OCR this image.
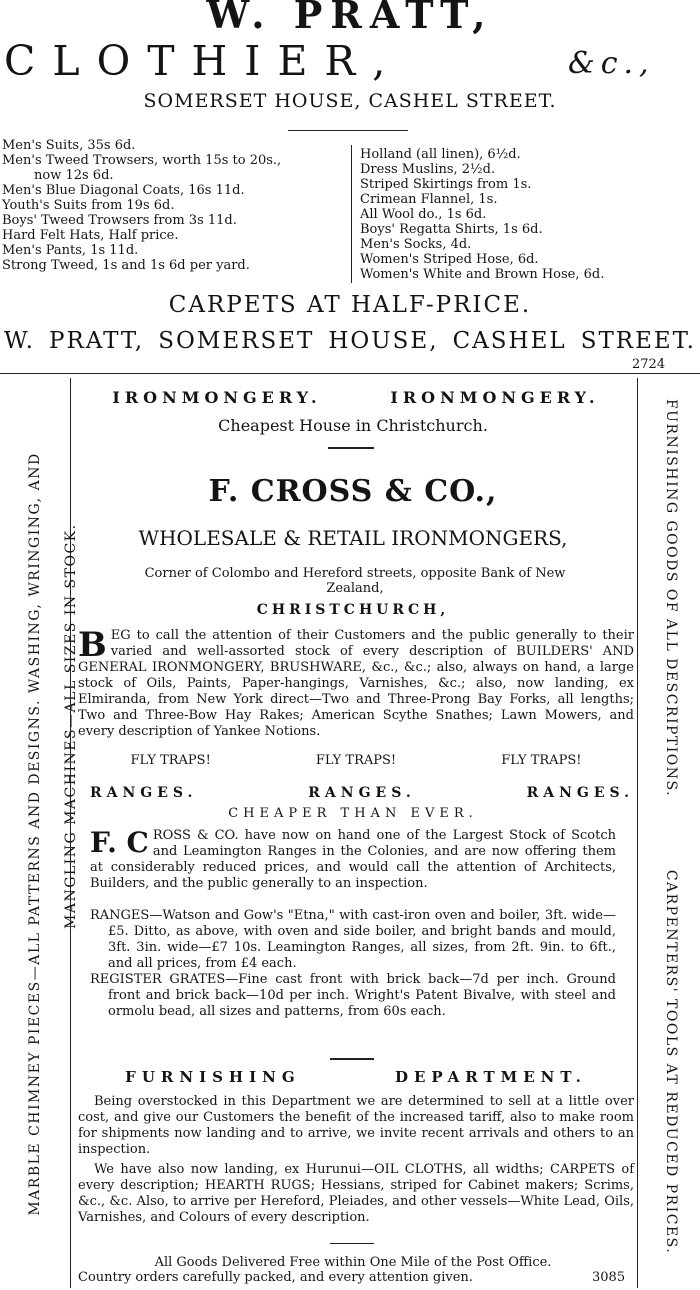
W. PRATT,
CLOTHIER,	&c.,
SOMERSET HOUSE, CASHEL STREET.
Men's Suits, 35s 6d.
Men's Tweed Trowsers, worth 15s to 20s.,
now 12s 6d.
Men's Blue Diagonal Coats, 16s 11d.
Youth's Suits from 19s 6d.
Boys' Tweed Trowsers from 3s 11d.
Hard Felt Hats, Half price.
Men's Pants, 1s 11d.
Strong Tweed, 1s and 1s 6d per yard.
Holland (all linen), 6½d.
Dress Muslins, 2½d.
Striped Skirtings from 1s.
Crimean Flannel, 1s.
All Wool do., 1s 6d.
Boys' Regatta Shirts, 1s 6d.
Men's Socks, 4d.
Women's Striped Hose, 6d.
Women's White and Brown Hose, 6d.
CARPETS AT HALF-PRICE.
W. PRATT, SOMERSET HOUSE, CASHEL STREET.
2724
MARBLE CHIMNEY PIECES—ALL PATTERNS AND DESIGNS. WASHING, WRINGING, AND MANGLING MACHINES—ALL SIZES IN STOCK.	FURNISHING GOODS OF ALL DESCRIPTIONS.
CARPENTERS' TOOLS AT REDUCED PRICES.
IRONMONGERY.	IRONMONGERY.
Cheapest House in Christchurch.
F. CROSS & CO.,
WHOLESALE & RETAIL IRONMONGERS,
Corner of Colombo and Hereford streets, opposite Bank of New Zealand,
CHRISTCHURCH,
BEG to call the attention of their Customers and the public generally to their varied and well-assorted stock of every description of BUILDERS' AND GENERAL IRONMONGERY, BRUSHWARE, &c., &c.; also, always on hand, a large stock of Oils, Paints, Paper-hangings, Varnishes, &c.; also, now landing, ex Elmiranda, from New York direct—Two and Three-Prong Bay Forks, all lengths; Two and Three-Bow Hay Rakes; American Scythe Snathes; Lawn Mowers, and every description of Yankee Notions.
FLY TRAPS!	FLY TRAPS!	FLY TRAPS!
RANGES.	RANGES.	RANGES.
CHEAPER THAN EVER.
F. C ROSS & CO. have now on hand one of the Largest Stock of Scotch and Leamington Ranges in the Colonies, and are now offering them at considerably reduced prices, and would call the attention of Architects, Builders, and the public generally to an inspection.
RANGES—Watson and Gow's "Etna," with cast-iron oven and boiler, 3ft. wide—£5. Ditto, as above, with oven and side boiler, and bright bands and mould, 3ft. 3in. wide—£7 10s. Leamington Ranges, all sizes, from 2ft. 9in. to 6ft., and all prices, from £4 each.
REGISTER GRATES—Fine cast front with brick back—7d per inch. Ground front and brick back—10d per inch. Wright's Patent Bivalve, with steel and ormolu bead, all sizes and patterns, from 60s each.
FURNISHING	DEPARTMENT.
Being overstocked in this Department we are determined to sell at a little over cost, and give our Customers the benefit of the increased tariff, also to make room for shipments now landing and to arrive, we invite recent arrivals and others to an inspection.
We have also now landing, ex Hurunui—OIL CLOTHS, all widths; CARPETS of every description; HEARTH RUGS; Hessians, striped for Cabinet makers; Scrims, &c., &c. Also, to arrive per Hereford, Pleiades, and other vessels—White Lead, Oils, Varnishes, and Colours of every description.
All Goods Delivered Free within One Mile of the Post Office.
Country orders carefully packed, and every attention given.	3085
